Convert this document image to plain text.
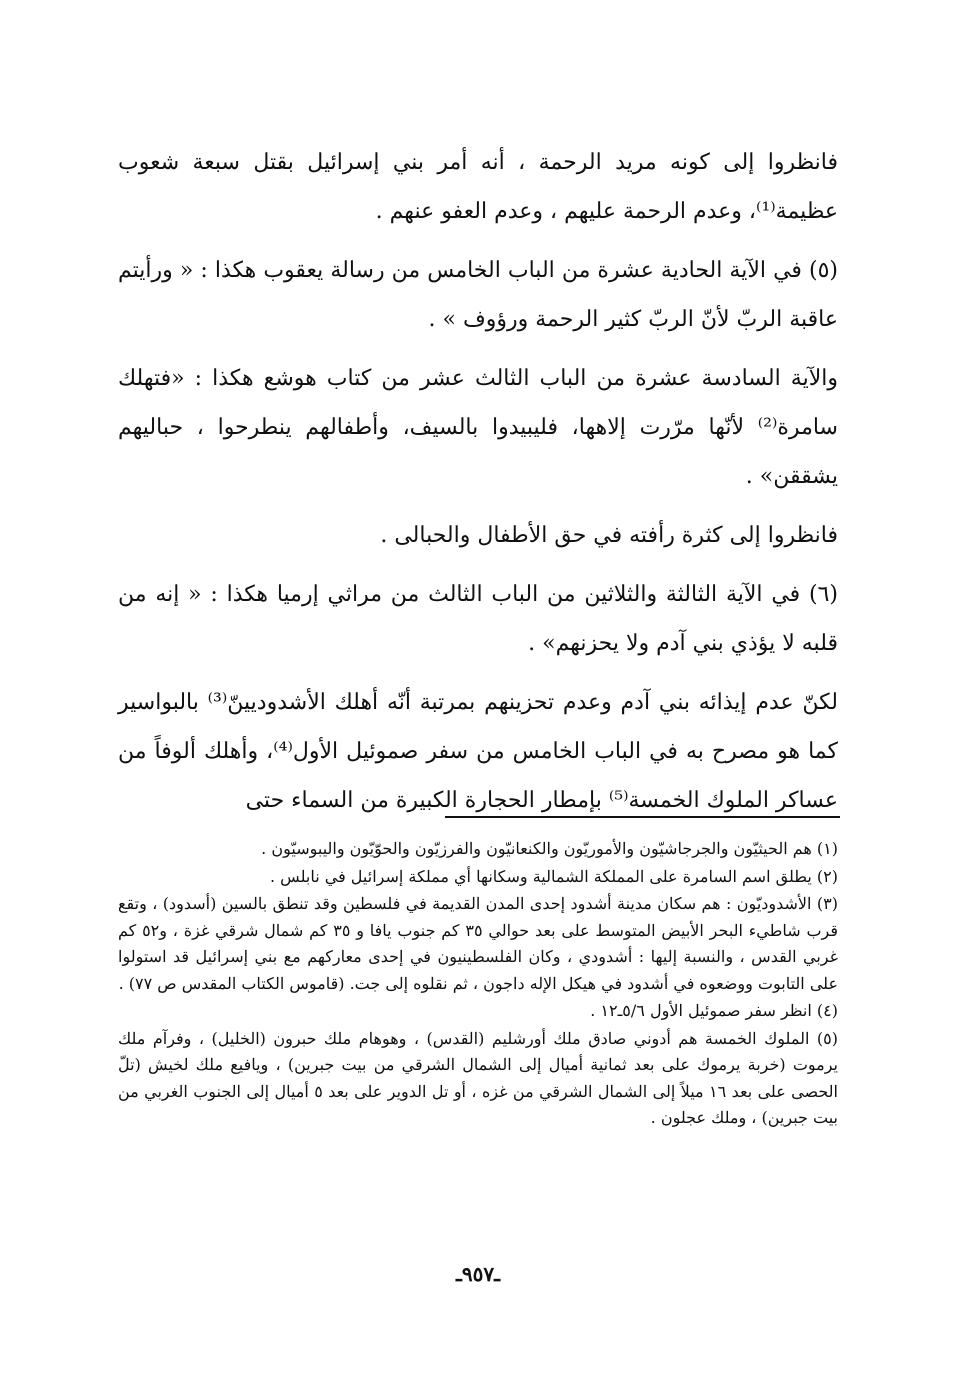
فانظروا إلى كونه مريد الرحمة ، أنه أمر بني إسرائيل بقتل سبعة شعوب عظيمة⁽¹⁾، وعدم الرحمة عليهم ، وعدم العفو عنهم .

(٥) في الآية الحادية عشرة من الباب الخامس من رسالة يعقوب هكذا : « ورأيتم عاقبة الربّ لأنّ الربّ كثير الرحمة ورؤوف » .

والآية السادسة عشرة من الباب الثالث عشر من كتاب هوشع هكذا : «فتهلك سامرة⁽²⁾ لأنّها مرّرت إلاهها، فليبيدوا بالسيف، وأطفالهم ينطرحوا ، حباليهم يشققن» .

فانظروا إلى كثرة رأفته في حق الأطفال والحبالى .

(٦) في الآية الثالثة والثلاثين من الباب الثالث من مراثي إرميا هكذا : « إنه من قلبه لا يؤذي بني آدم ولا يحزنهم» .

لكنّ عدم إيذائه بني آدم وعدم تحزينهم بمرتبة أنّه أهلك الأشدوديينّ⁽³⁾ بالبواسير كما هو مصرح به في الباب الخامس من سفر صموئيل الأول⁽⁴⁾، وأهلك ألوفاً من عساكر الملوك الخمسة⁽⁵⁾ بإمطار الحجارة الكبيرة من السماء حتى

(١) هم الحيثيّون والجرجاشيّون والأموريّون والكنعانيّون والفرزيّون والحوّيّون واليبوسيّون .

(٢) يطلق اسم السامرة على المملكة الشمالية وسكانها أي مملكة إسرائيل في نابلس .

(٣) الأشدوديّون : هم سكان مدينة أشدود إحدى المدن القديمة في فلسطين وقد تنطق بالسين (أسدود) ، وتقع قرب شاطيء البحر الأبيض المتوسط على بعد حوالي ٣٥ كم جنوب يافا و ٣٥ كم شمال شرقي غزة ، و٥٢ كم غربي القدس ، والنسبة إليها : أشدودي ، وكان الفلسطينيون في إحدى معاركهم مع بني إسرائيل قد استولوا على التابوت ووضعوه في أشدود في هيكل الإله داجون ، ثم نقلوه إلى جت. (قاموس الكتاب المقدس ص ٧٧) .

(٤) انظر سفر صموئيل الأول ٥/٦ـ١٢ .

(٥) الملوك الخمسة هم أدوني صادق ملك أورشليم (القدس) ، وهوهام ملك حبرون (الخليل) ، وفرآم ملك يرموت (خربة يرموك على بعد ثمانية أميال إلى الشمال الشرقي من بيت جبرين) ، ويافيع ملك لخيش (تلّ الحصى على بعد ١٦ ميلاً إلى الشمال الشرقي من غزه ، أو تل الدوير على بعد ٥ أميال إلى الجنوب الغربي من بيت جبرين) ، وملك عجلون .

ـ٩٥٧ـ
